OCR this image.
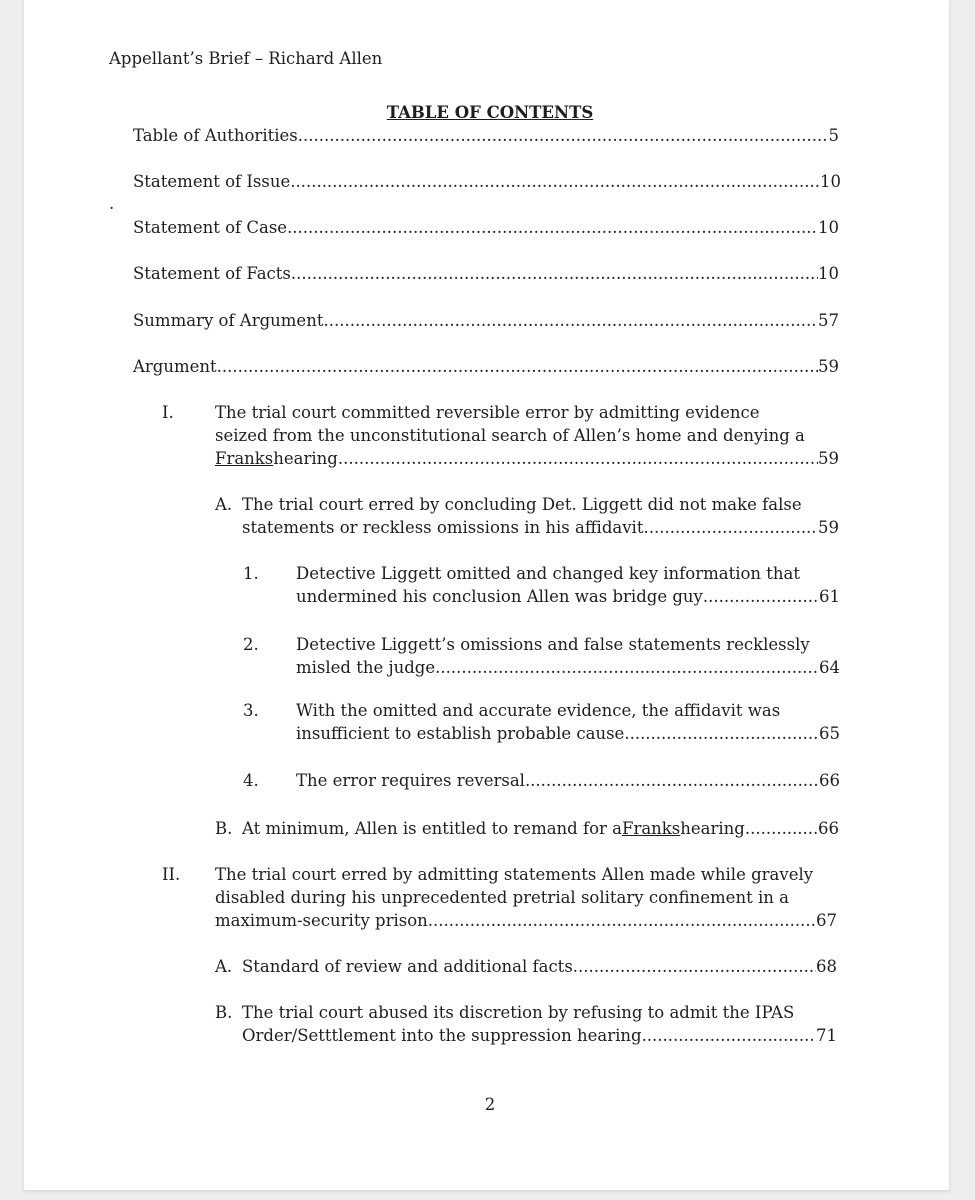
Appellant’s Brief – Richard Allen
TABLE OF CONTENTS
Table of Authorities .....	5
Statement of Issue .....	10
.
Statement of Case .....	10
Statement of Facts .....	10
Summary of Argument .....	57
Argument .....	59
I. The trial court committed reversible error by admitting evidence
seized from the unconstitutional search of Allen’s home and denying a
Franks hearing .....	59
A. The trial court erred by concluding Det. Liggett did not make false
statements or reckless omissions in his affidavit .....	59
1. Detective Liggett omitted and changed key information that
undermined his conclusion Allen was bridge guy .....	61
2. Detective Liggett’s omissions and false statements recklessly
misled the judge .....	64
3. With the omitted and accurate evidence, the affidavit was
insufficient to establish probable cause .....	65
4. The error requires reversal .....	66
B. At minimum, Allen is entitled to remand for a Franks hearing .....	66
II. The trial court erred by admitting statements Allen made while gravely
disabled during his unprecedented pretrial solitary confinement in a
maximum-security prison .....	67
A. Standard of review and additional facts .....	68
B. The trial court abused its discretion by refusing to admit the IPAS
Order/Setttlement into the suppression hearing .....	71
2
